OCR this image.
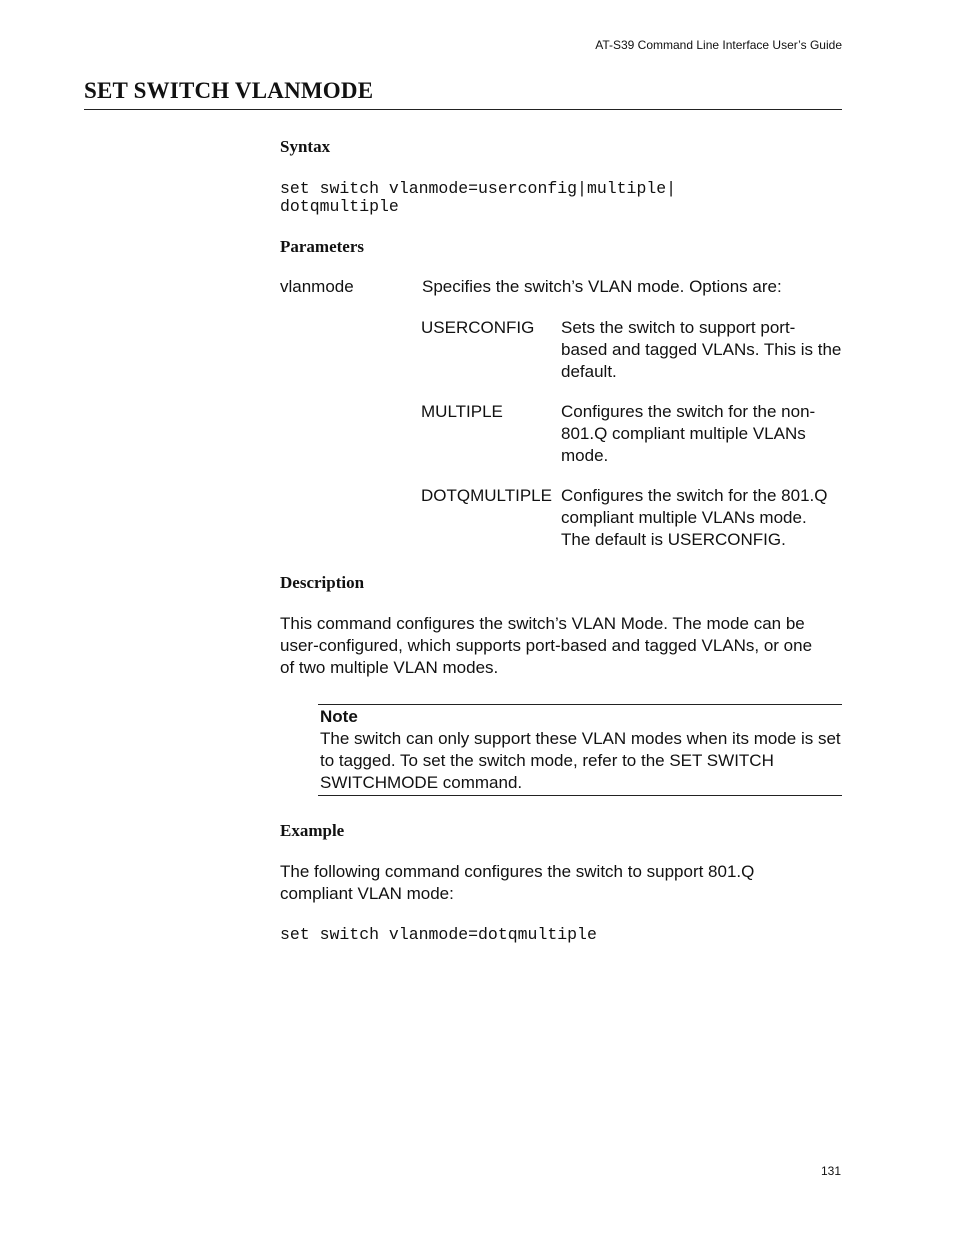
AT-S39 Command Line Interface User’s Guide
SET SWITCH VLANMODE
Syntax
set switch vlanmode=userconfig|multiple|
dotqmultiple
Parameters
vlanmode	Specifies the switch’s VLAN mode. Options are:
USERCONFIG Sets the switch to support port-
based and tagged VLANs. This is the
default.
MULTIPLE	Configures the switch for the non-
801.Q compliant multiple VLANs
mode.
DOTQMULTIPLE Configures the switch for the 801.Q
compliant multiple VLANs mode.
The default is USERCONFIG.
Description
This command configures the switch’s VLAN Mode. The mode can be
user-configured, which supports port-based and tagged VLANs, or one
of two multiple VLAN modes.
Note
The switch can only support these VLAN modes when its mode is set
to tagged. To set the switch mode, refer to the SET SWITCH
SWITCHMODE command.
Example
The following command configures the switch to support 801.Q
compliant VLAN mode:
set switch vlanmode=dotqmultiple
131
